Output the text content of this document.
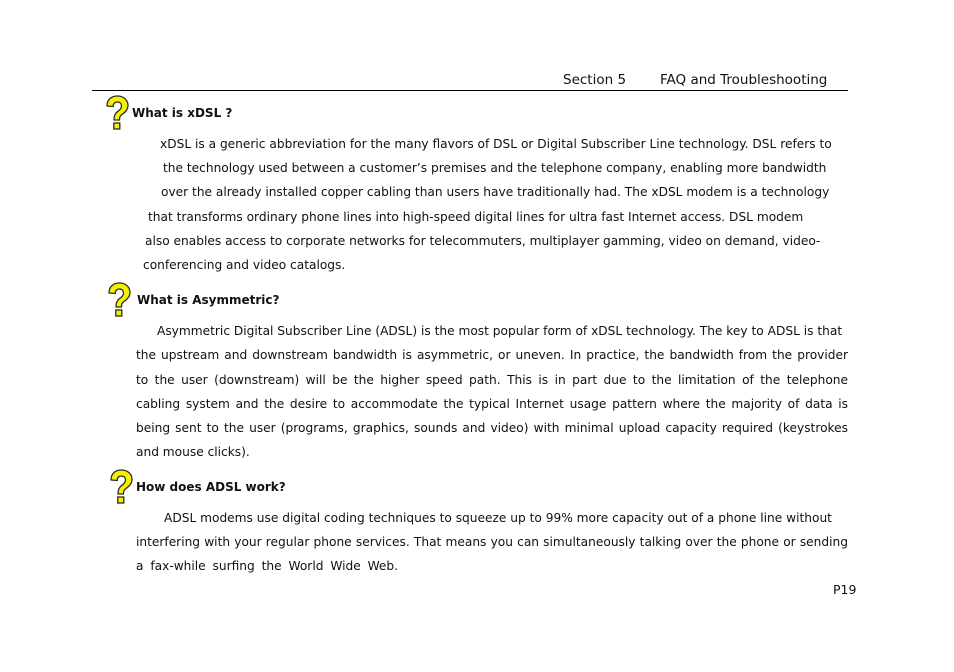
Section 5	FAQ and Troubleshooting
What is xDSL ?
xDSL is a generic abbreviation for the many flavors of DSL or Digital Subscriber Line technology. DSL refers to
the technology used between a customer’s premises and the telephone company, enabling more bandwidth
over the already installed copper cabling than users have traditionally had. The xDSL modem is a technology
that transforms ordinary phone lines into high-speed digital lines for ultra fast Internet access. DSL modem
also enables access to corporate networks for telecommuters, multiplayer gamming, video on demand, video-
conferencing and video catalogs.
What is Asymmetric?
Asymmetric Digital Subscriber Line (ADSL) is the most popular form of xDSL technology. The key to ADSL is that
the upstream and downstream bandwidth is asymmetric, or uneven. In practice, the bandwidth from the provider
to the user (downstream) will be the higher speed path. This is in part due to the limitation of the telephone
cabling system and the desire to accommodate the typical Internet usage pattern where the majority of data is
being sent to the user (programs, graphics, sounds and video) with minimal upload capacity required (keystrokes
and mouse clicks).
How does ADSL work?
ADSL modems use digital coding techniques to squeeze up to 99% more capacity out of a phone line without
interfering with your regular phone services. That means you can simultaneously talking over the phone or sending
a fax-while surfing the World Wide Web.
P19
